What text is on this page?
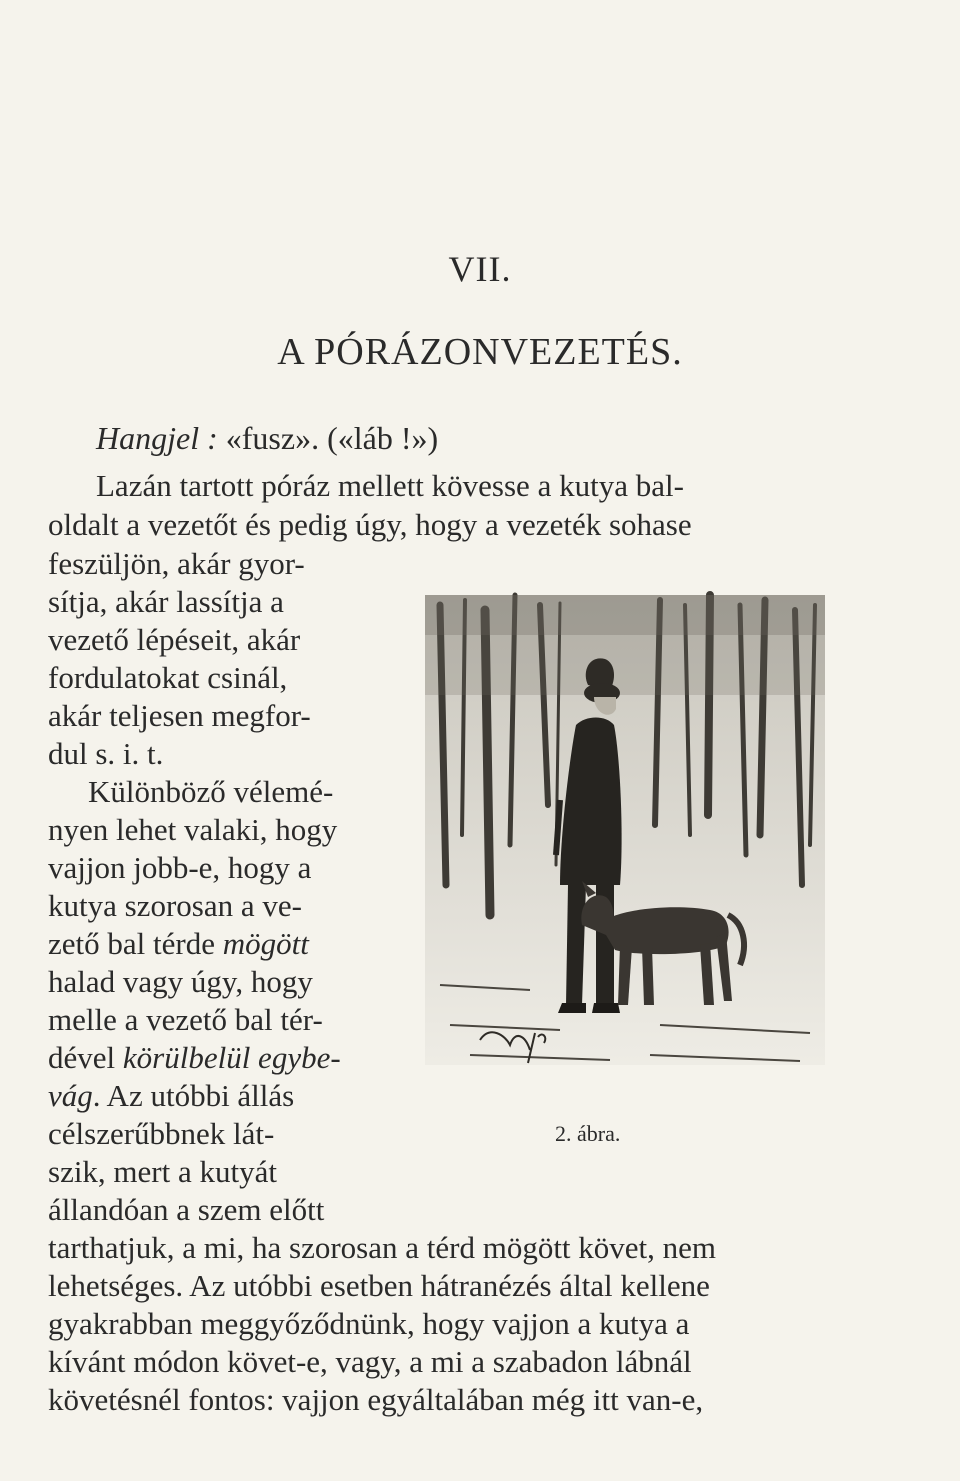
VII.
A PÓRÁZONVEZETÉS.
Hangjel : «fusz». («láb !»)
Lazán tartott póráz mellett kövesse a kutya bal-
oldalt a vezetőt és pedig úgy, hogy a vezeték sohase
feszüljön, akár gyor-
sítja, akár lassítja a
vezető lépéseit, akár
fordulatokat csinál,
akár teljesen megfor-
dul s. i. t.
Különböző vélemé-
nyen lehet valaki, hogy
vajjon jobb-e, hogy a
kutya szorosan a ve-
zető bal térde mögött
halad vagy úgy, hogy
melle a vezető bal tér-
dével körülbelül egybe-
vág. Az utóbbi állás
célszerűbbnek lát-
szik, mert a kutyát
állandóan a szem előtt
tarthatjuk, a mi, ha szorosan a térd mögött követ, nem
lehetséges. Az utóbbi esetben hátranézés által kellene
gyakrabban meggyőződnünk, hogy vajjon a kutya a
kívánt módon követ-e, vagy, a mi a szabadon lábnál
követésnél fontos: vajjon egyáltalában még itt van-e,
2. ábra.
